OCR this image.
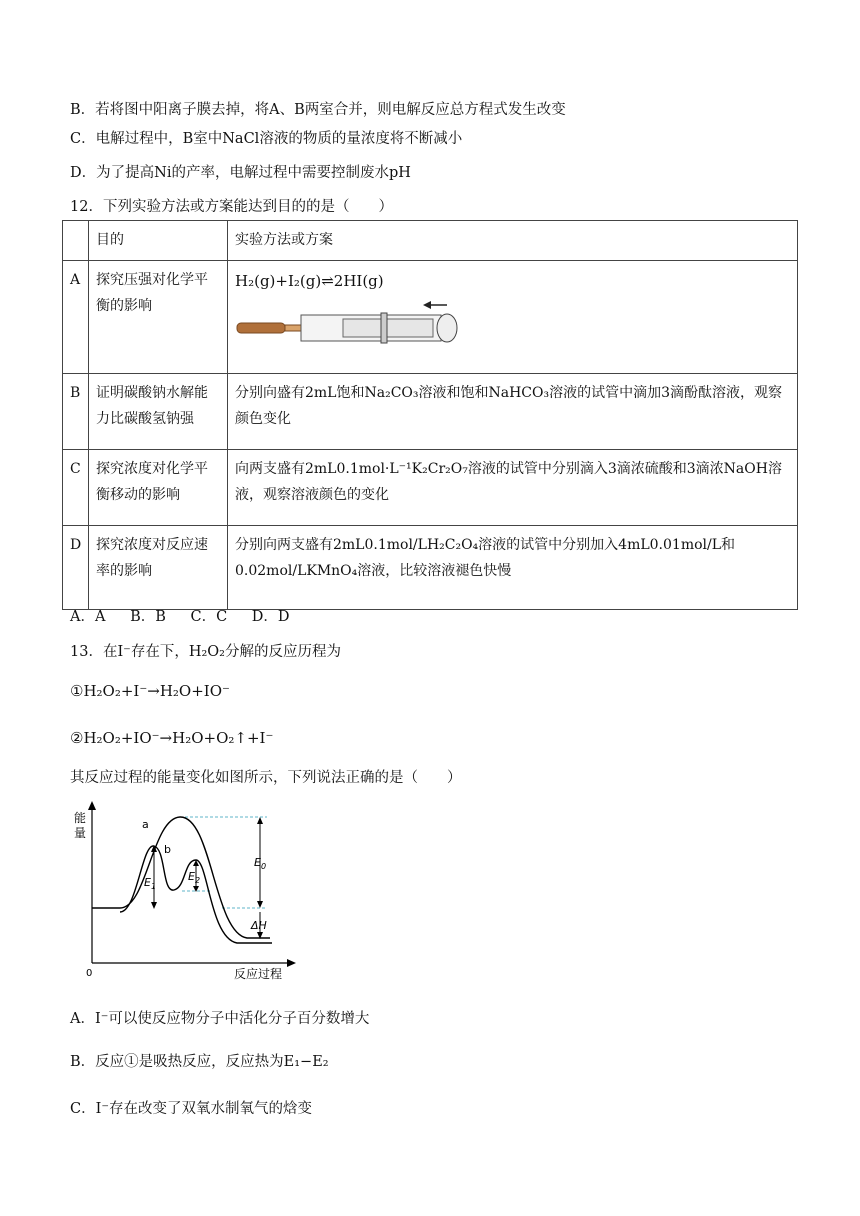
B．若将图中阳离子膜去掉，将A、B两室合并，则电解反应总方程式发生改变
C．电解过程中，B室中NaCl溶液的物质的量浓度将不断减小
D．为了提高Ni的产率，电解过程中需要控制废水pH
12．下列实验方法或方案能达到目的的是（　　）
	目的	实验方法或方案
A	探究压强对化学平衡的影响	H₂(g)+I₂(g)⇌2HI(g)

B	证明碳酸钠水解能力比碳酸氢钠强	分别向盛有2mL饱和Na₂CO₃溶液和饱和NaHCO₃溶液的试管中滴加3滴酚酞溶液，观察颜色变化
C	探究浓度对化学平衡移动的影响	向两支盛有2mL0.1mol·L⁻¹K₂Cr₂O₇溶液的试管中分别滴入3滴浓硫酸和3滴浓NaOH溶液，观察溶液颜色的变化
D	探究浓度对反应速率的影响	分别向两支盛有2mL0.1mol/LH₂C₂O₄溶液的试管中分别加入4mL0.01mol/L和0.02mol/LKMnO₄溶液，比较溶液褪色快慢
A．A B．B C．C D．D
13．在I⁻存在下，H₂O₂分解的反应历程为
①H₂O₂+I⁻→H₂O+IO⁻
②H₂O₂+IO⁻→H₂O+O₂↑+I⁻
其反应过程的能量变化如图所示，下列说法正确的是（　　）
能
量
0	反应过程
a
b
$E_1$
$E_2$
$E_0$
ΔH
A．I⁻可以使反应物分子中活化分子百分数增大
B．反应①是吸热反应，反应热为E₁−E₂
C．I⁻存在改变了双氧水制氧气的焓变
